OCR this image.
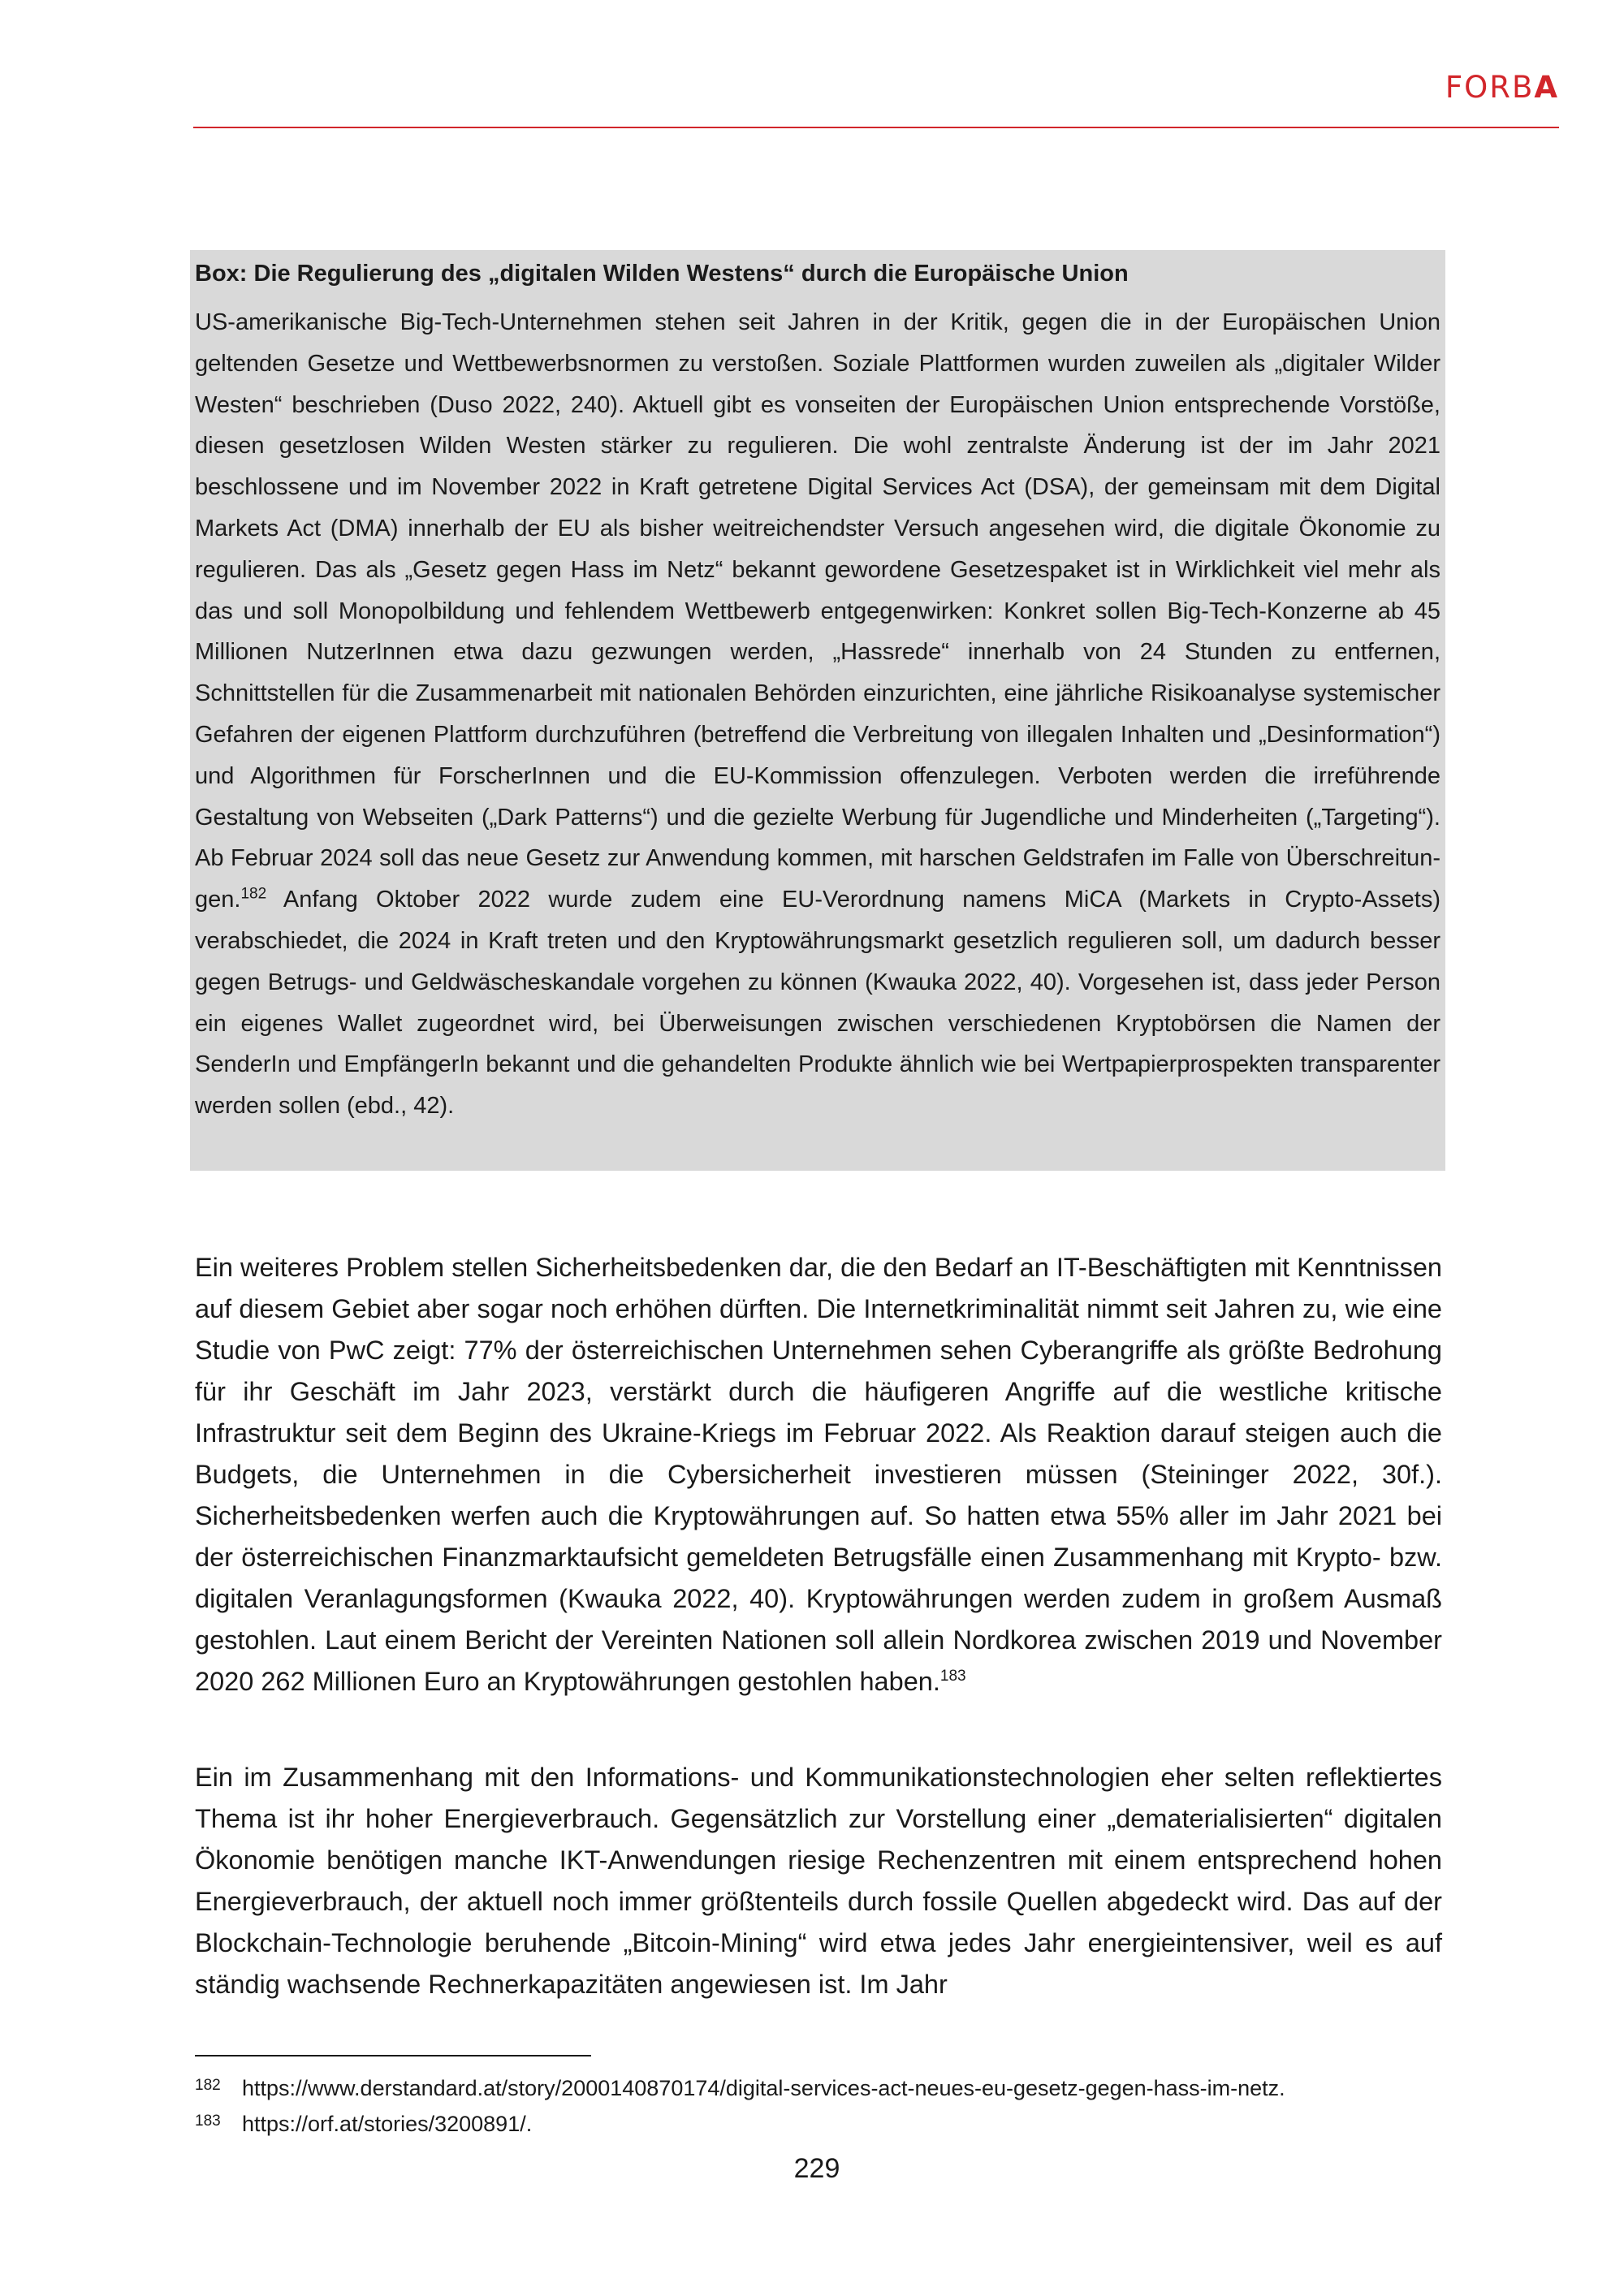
FORBA

Box: Die Regulierung des „digitalen Wilden Westens“ durch die Europäische Union

US-amerikanische Big-Tech-Unternehmen stehen seit Jahren in der Kritik, gegen die in der Europäischen Union geltenden Gesetze und Wettbewerbsnormen zu verstoßen. Soziale Plattformen wurden zuweilen als „digitaler Wilder Westen“ beschrieben (Duso 2022, 240). Aktuell gibt es vonseiten der Europäischen Union entsprechende Vorstöße, diesen gesetzlosen Wilden Westen stärker zu regulieren. Die wohl zentralste Änderung ist der im Jahr 2021 beschlossene und im November 2022 in Kraft getretene Digital Services Act (DSA), der gemeinsam mit dem Digital Markets Act (DMA) innerhalb der EU als bisher weitreichendster Versuch angesehen wird, die digitale Ökonomie zu regulieren. Das als „Gesetz gegen Hass im Netz“ bekannt gewordene Gesetzespaket ist in Wirklichkeit viel mehr als das und soll Monopolbildung und fehlendem Wettbewerb entgegenwirken: Konkret sollen Big-Tech-Konzerne ab 45 Millionen NutzerInnen etwa dazu gezwungen werden, „Hassrede“ innerhalb von 24 Stunden zu entfernen, Schnittstellen für die Zusammenarbeit mit nationalen Behörden einzurichten, eine jährliche Risikoanalyse systemischer Gefahren der eigenen Plattform durchzuführen (betreffend die Verbreitung von illegalen Inhalten und „Desinformation“) und Algorithmen für ForscherInnen und die EU-Kommission offenzulegen. Verboten werden die irreführende Gestaltung von Webseiten („Dark Patterns“) und die gezielte Werbung für Jugendliche und Minderheiten („Targeting“). Ab Februar 2024 soll das neue Gesetz zur Anwendung kommen, mit harschen Geldstrafen im Falle von Überschreitungen.$^{182}$ Anfang Oktober 2022 wurde zudem eine EU-Verordnung namens MiCA (Markets in Crypto-Assets) verabschiedet, die 2024 in Kraft treten und den Kryptowährungsmarkt gesetzlich regulieren soll, um dadurch besser gegen Betrugs- und Geldwäscheskandale vorgehen zu können (Kwauka 2022, 40). Vorgesehen ist, dass jeder Person ein eigenes Wallet zugeordnet wird, bei Überweisungen zwischen verschiedenen Kryptobörsen die Namen der SenderIn und EmpfängerIn bekannt und die gehandelten Produkte ähnlich wie bei Wertpapierprospekten transparenter werden sollen (ebd., 42).

Ein weiteres Problem stellen Sicherheitsbedenken dar, die den Bedarf an IT-Beschäftigten mit Kenntnissen auf diesem Gebiet aber sogar noch erhöhen dürften. Die Internetkriminalität nimmt seit Jahren zu, wie eine Studie von PwC zeigt: 77% der österreichischen Unternehmen sehen Cyberangriffe als größte Bedrohung für ihr Geschäft im Jahr 2023, verstärkt durch die häufigeren Angriffe auf die westliche kritische Infrastruktur seit dem Beginn des Ukraine-Kriegs im Februar 2022. Als Reaktion darauf steigen auch die Budgets, die Unternehmen in die Cybersicherheit investieren müssen (Steininger 2022, 30f.). Sicherheitsbedenken werfen auch die Kryptowährungen auf. So hatten etwa 55% aller im Jahr 2021 bei der österreichischen Finanzmarktaufsicht gemeldeten Betrugsfälle einen Zusammenhang mit Krypto- bzw. digitalen Veranlagungsformen (Kwauka 2022, 40). Kryptowährungen werden zudem in großem Ausmaß gestohlen. Laut einem Bericht der Vereinten Nationen soll allein Nordkorea zwischen 2019 und November 2020 262 Millionen Euro an Kryptowährungen gestohlen haben.$^{183}$

Ein im Zusammenhang mit den Informations- und Kommunikationstechnologien eher selten reflektiertes Thema ist ihr hoher Energieverbrauch. Gegensätzlich zur Vorstellung einer „dematerialisierten“ digitalen Ökonomie benötigen manche IKT-Anwendungen riesige Rechenzentren mit einem entsprechend hohen Energieverbrauch, der aktuell noch immer größtenteils durch fossile Quellen abgedeckt wird. Das auf der Blockchain-Technologie beruhende „Bitcoin-Mining“ wird etwa jedes Jahr energieintensiver, weil es auf ständig wachsende Rechnerkapazitäten angewiesen ist. Im Jahr

182 https://www.derstandard.at/story/2000140870174/digital-services-act-neues-eu-gesetz-gegen-hass-im-netz.
183 https://orf.at/stories/3200891/.
229
